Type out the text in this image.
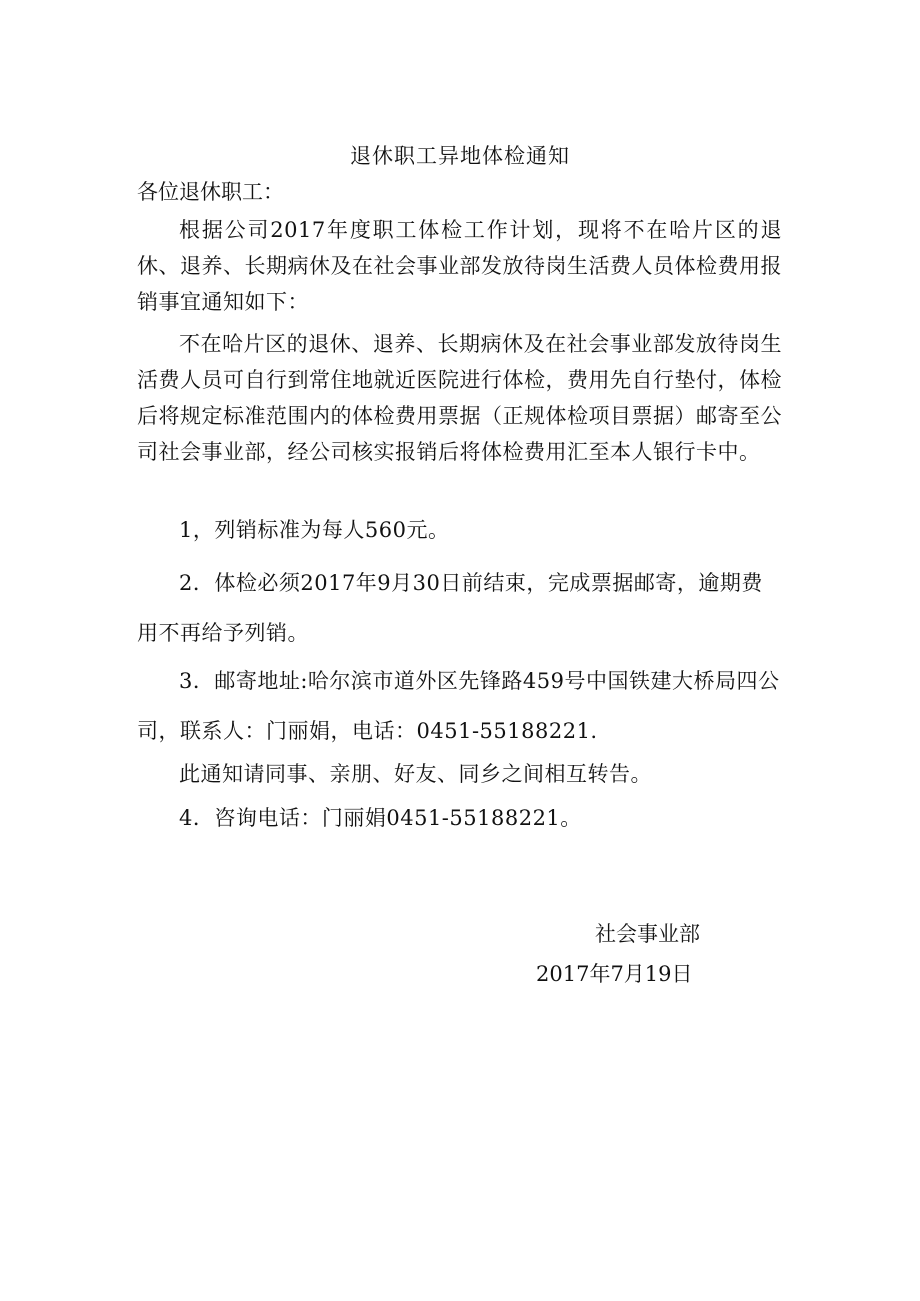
退休职工异地体检通知
各位退休职工：

根据公司2017年度职工体检工作计划，现将不在哈片区的退休、退养、长期病休及在社会事业部发放待岗生活费人员体检费用报销事宜通知如下：

不在哈片区的退休、退养、长期病休及在社会事业部发放待岗生活费人员可自行到常住地就近医院进行体检，费用先自行垫付，体检后将规定标准范围内的体检费用票据（正规体检项目票据）邮寄至公司社会事业部，经公司核实报销后将体检费用汇至本人银行卡中。

1，列销标准为每人560元。

2．体检必须2017年9月30日前结束，完成票据邮寄，逾期费用不再给予列销。

3．邮寄地址:哈尔滨市道外区先锋路459号中国铁建大桥局四公司，联系人：门丽娟，电话：0451-55188221.

此通知请同事、亲朋、好友、同乡之间相互转告。

4．咨询电话：门丽娟0451-55188221。

社会事业部
2017年7月19日
